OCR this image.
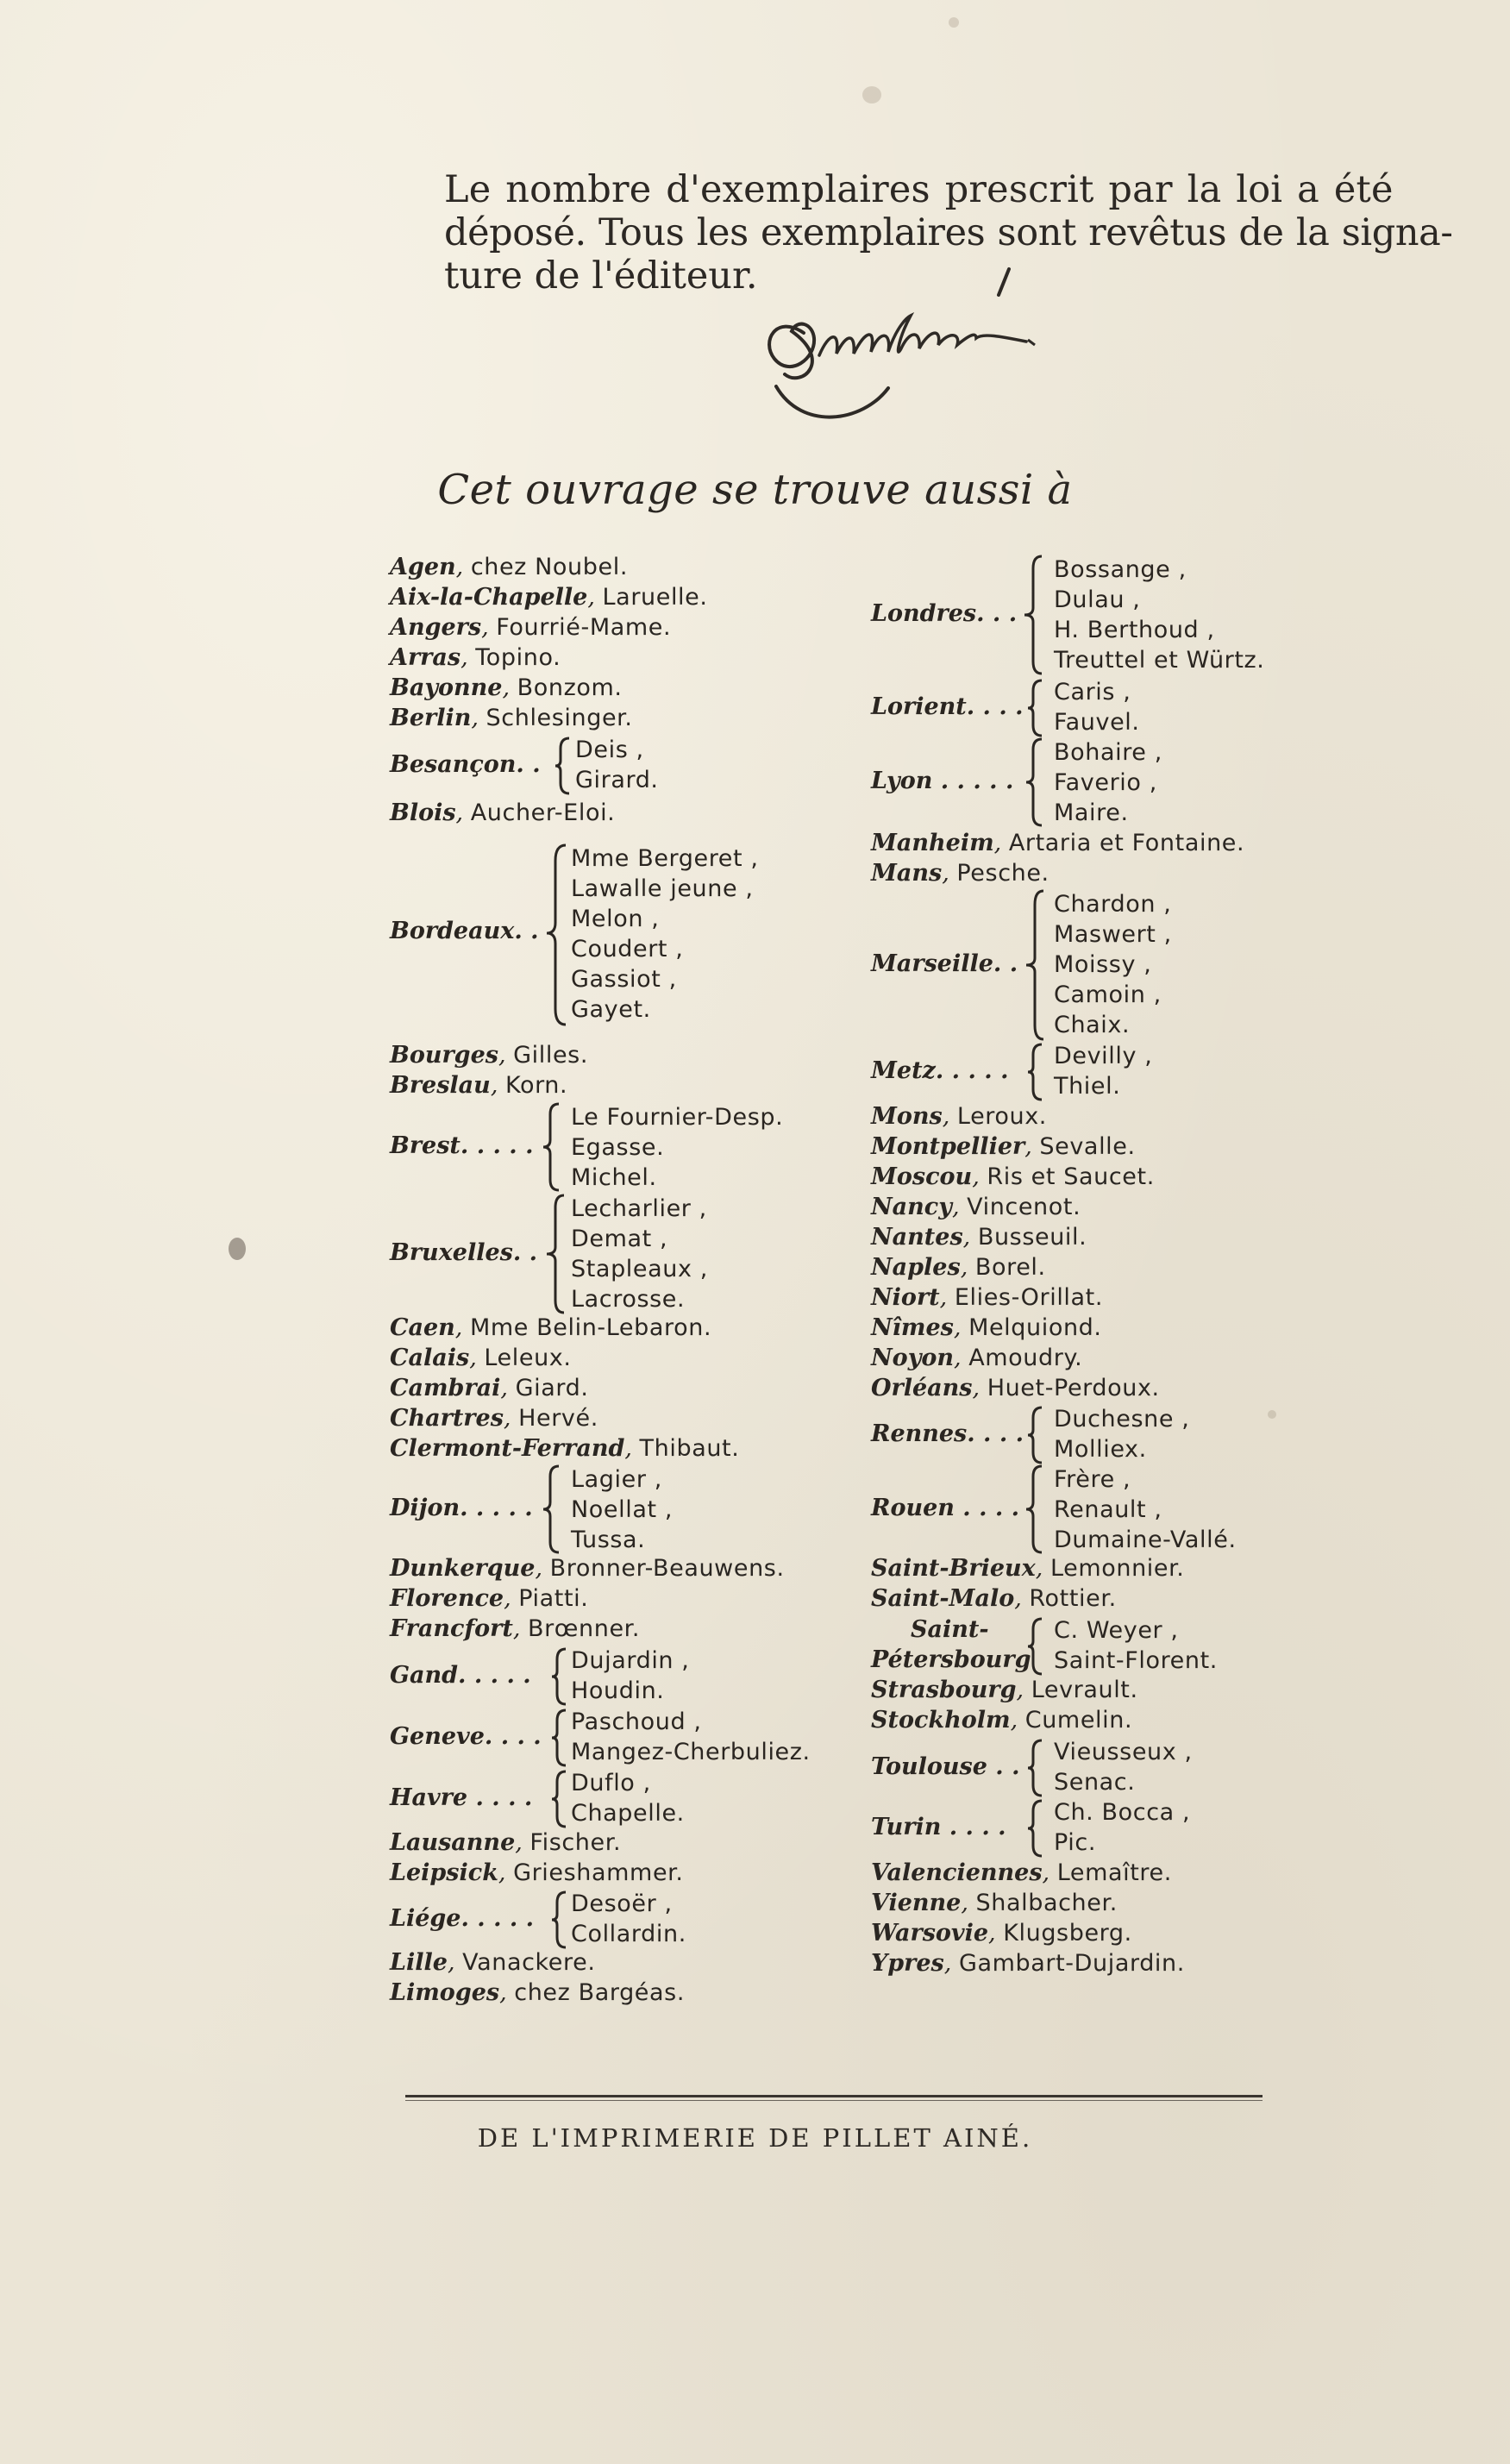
Le nombre d'exemplaires prescrit par la loi a été
déposé. Tous les exemplaires sont revêtus de la signa-
ture de l'éditeur.
Cet ouvrage se trouve aussi à
Agen, chez Noubel.
Aix-la-Chapelle, Laruelle.
Angers, Fourrié-Mame.
Arras, Topino.
Bayonne, Bonzom.
Berlin, Schlesinger.
Besançon. .
Deis ,
Girard.
Blois, Aucher-Eloi.
Bordeaux. .
Mme Bergeret ,
Lawalle jeune ,
Melon ,
Coudert ,
Gassiot ,
Gayet.
Bourges, Gilles.
Breslau, Korn.
Brest. . . . .
Le Fournier-Desp.
Egasse.
Michel.
Bruxelles. .
Lecharlier ,
Demat ,
Stapleaux ,
Lacrosse.
Caen, Mme Belin-Lebaron.
Calais, Leleux.
Cambrai, Giard.
Chartres, Hervé.
Clermont-Ferrand, Thibaut.
Dijon. . . . .
Lagier ,
Noellat ,
Tussa.
Dunkerque, Bronner-Beauwens.
Florence, Piatti.
Francfort, Brœnner.
Gand. . . . .
Dujardin ,
Houdin.
Geneve. . . .
Paschoud ,
Mangez-Cherbuliez.
Havre . . . .
Duflo ,
Chapelle.
Lausanne, Fischer.
Leipsick, Grieshammer.
Liége. . . . .
Desoër ,
Collardin.
Lille, Vanackere.
Limoges, chez Bargéas.
Londres. . .
Bossange ,
Dulau ,
H. Berthoud ,
Treuttel et Würtz.
Lorient. . . .
Caris ,
Fauvel.
Lyon . . . . .
Bohaire ,
Faverio ,
Maire.
Manheim, Artaria et Fontaine.
Mans, Pesche.
Marseille. .
Chardon ,
Maswert ,
Moissy ,
Camoin ,
Chaix.
Metz. . . . .
Devilly ,
Thiel.
Mons, Leroux.
Montpellier, Sevalle.
Moscou, Ris et Saucet.
Nancy, Vincenot.
Nantes, Busseuil.
Naples, Borel.
Niort, Elies-Orillat.
Nîmes, Melquiond.
Noyon, Amoudry.
Orléans, Huet-Perdoux.
Rennes. . . .
Duchesne ,
Molliex.
Rouen . . . .
Frère ,
Renault ,
Dumaine-Vallé.
Saint-Brieux, Lemonnier.
Saint-Malo, Rottier.
Saint-
Pétersbourg
C. Weyer ,
Saint-Florent.
Strasbourg, Levrault.
Stockholm, Cumelin.
Toulouse . .
Vieusseux ,
Senac.
Turin . . . .
Ch. Bocca ,
Pic.
Valenciennes, Lemaître.
Vienne, Shalbacher.
Warsovie, Klugsberg.
Ypres, Gambart-Dujardin.
DE L'IMPRIMERIE DE PILLET AINÉ.
